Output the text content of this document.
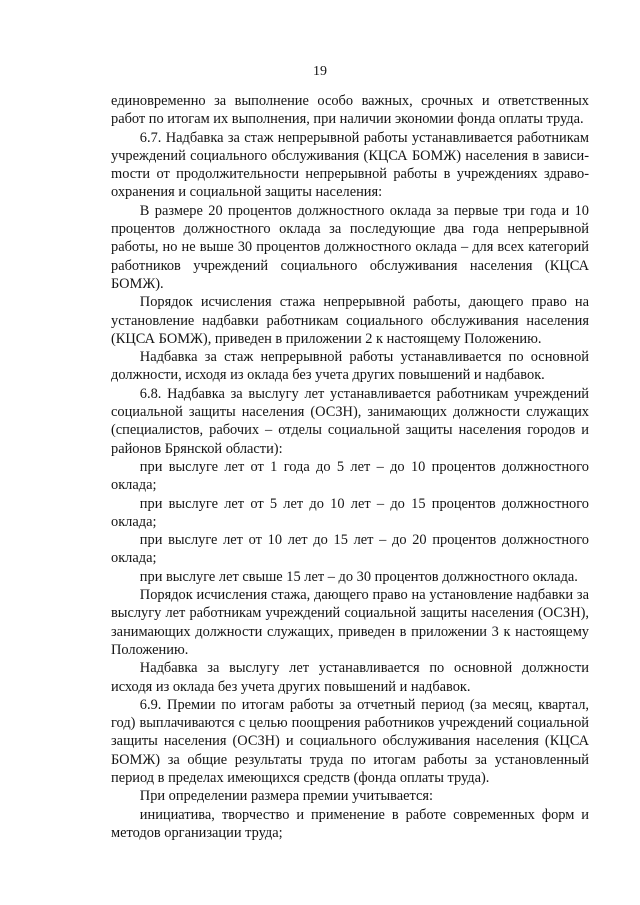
19

единовременно за выполнение особо важных, срочных и ответственных работ по итогам их выполнения, при наличии экономии фонда оплаты труда.

6.7. Надбавка за стаж непрерывной работы устанавливается работникам учреждений социального обслуживания (КЦСА БОМЖ) населения в зависиmости от продолжительности непрерывной работы в учреждениях здравоохранения и социальной защиты населения:

В размере 20 процентов должностного оклада за первые три года и 10 процентов должностного оклада за последующие два года непрерывной работы, но не выше 30 процентов должностного оклада – для всех категорий работников учреждений социального обслуживания населения (КЦСА БОМЖ).

Порядок исчисления стажа непрерывной работы, дающего право на установление надбавки работникам социального обслуживания населения (КЦСА БОМЖ), приведен в приложении 2 к настоящему Положению.

Надбавка за стаж непрерывной работы устанавливается по основной должности, исходя из оклада без учета других повышений и надбавок.

6.8. Надбавка за выслугу лет устанавливается работникам учреждений социальной защиты населения (ОСЗН), занимающих должности служащих (специалистов, рабочих – отделы социальной защиты населения городов и районов Брянской области):

при выслуге лет от 1 года до 5 лет – до 10 процентов должностного оклада;

при выслуге лет от 5 лет до 10 лет – до 15 процентов должностного оклада;

при выслуге лет от 10 лет до 15 лет – до 20 процентов должностного оклада;

при выслуге лет свыше 15 лет – до 30 процентов должностного оклада.

Порядок исчисления стажа, дающего право на установление надбавки за выслугу лет работникам учреждений социальной защиты населения (ОСЗН), занимающих должности служащих, приведен в приложении 3 к настоящему Положению.

Надбавка за выслугу лет устанавливается по основной должности исходя из оклада без учета других повышений и надбавок.

6.9. Премии по итогам работы за отчетный период (за месяц, квартал, год) выплачиваются с целью поощрения работников учреждений социальной защиты населения (ОСЗН) и социального обслуживания населения (КЦСА БОМЖ) за общие результаты труда по итогам работы за установленный период в пределах имеющихся средств (фонда оплаты труда).

При определении размера премии учитывается:

инициатива, творчество и применение в работе современных форм и методов организации труда;
